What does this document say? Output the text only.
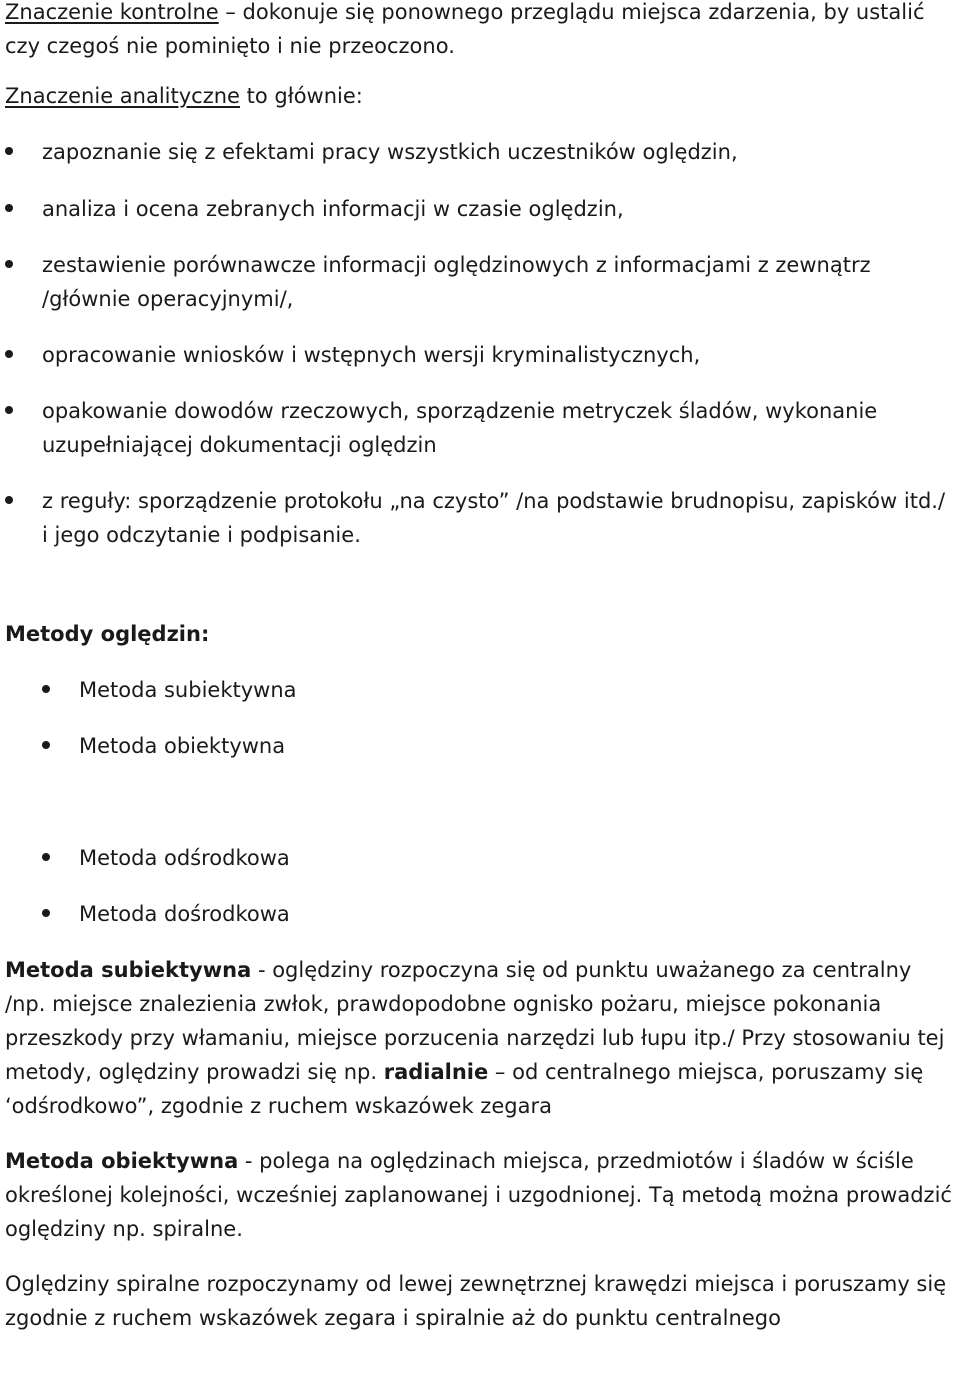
Znaczenie kontrolne – dokonuje się ponownego przeglądu miejsca zdarzenia, by ustalić czy czegoś nie pominięto i nie przeoczono.

Znaczenie analityczne to głównie:

zapoznanie się z efektami pracy wszystkich uczestników oględzin,
analiza i ocena zebranych informacji w czasie oględzin,
zestawienie porównawcze informacji oględzinowych z informacjami z zewnątrz /głównie operacyjnymi/,
opracowanie wniosków i wstępnych wersji kryminalistycznych,
opakowanie dowodów rzeczowych, sporządzenie metryczek śladów, wykonanie uzupełniającej dokumentacji oględzin
z reguły: sporządzenie protokołu „na czysto” /na podstawie brudnopisu, zapisków itd./ i jego odczytanie i podpisanie.

Metody oględzin:

Metoda subiektywna
Metoda obiektywna
Metoda odśrodkowa
Metoda dośrodkowa

Metoda subiektywna - oględziny rozpoczyna się od punktu uważanego za centralny /np. miejsce znalezienia zwłok, prawdopodobne ognisko pożaru, miejsce pokonania przeszkody przy włamaniu, miejsce porzucenia narzędzi lub łupu itp./ Przy stosowaniu tej metody, oględziny prowadzi się np. radialnie – od centralnego miejsca, poruszamy się ‘odśrodkowo”, zgodnie z ruchem wskazówek zegara

Metoda obiektywna - polega na oględzinach miejsca, przedmiotów i śladów w ściśle określonej kolejności, wcześniej zaplanowanej i uzgodnionej. Tą metodą można prowadzić oględziny np. spiralne.

Oględziny spiralne rozpoczynamy od lewej zewnętrznej krawędzi miejsca i poruszamy się zgodnie z ruchem wskazówek zegara i spiralnie aż do punktu centralnego
